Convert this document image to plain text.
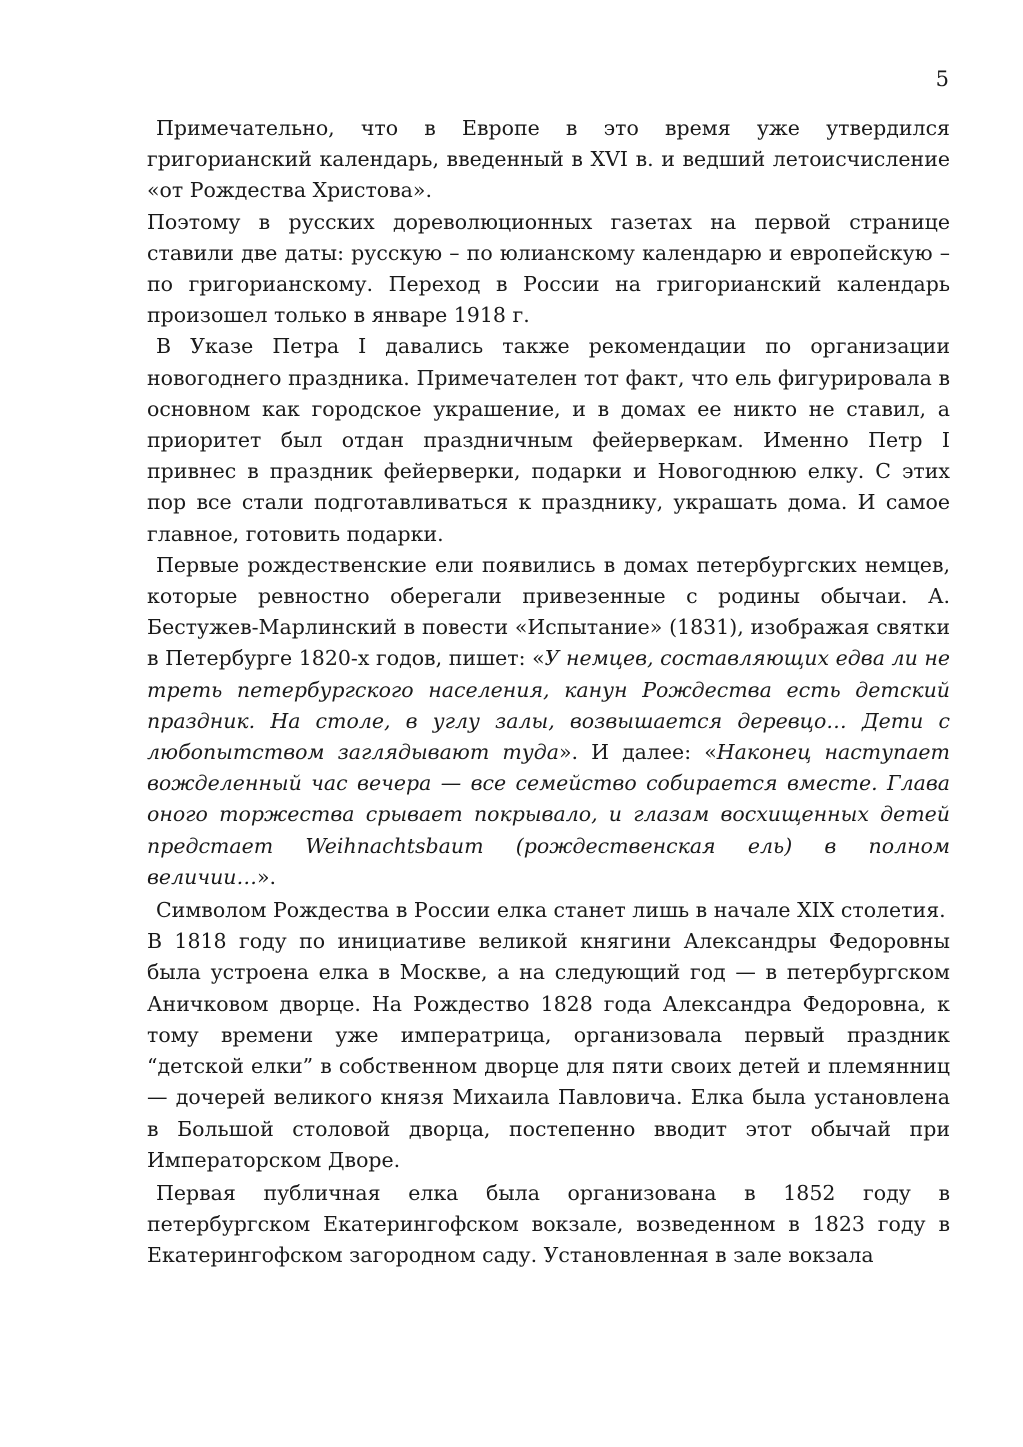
5

Примечательно, что в Европе в это время уже утвердился григорианский календарь, введенный в XVI в. и ведший летоисчисление «от Рождества Христова».

Поэтому в русских дореволюционных газетах на первой странице ставили две даты: русскую – по юлианскому календарю и европейскую – по григорианскому. Переход в России на григорианский календарь произошел только в январе 1918 г.

В Указе Петра I давались также рекомендации по организации новогоднего праздника. Примечателен тот факт, что ель фигурировала в основном как городское украшение, и в домах ее никто не ставил, а приоритет был отдан праздничным фейерверкам. Именно Петр I привнес в праздник фейерверки, подарки и Новогоднюю елку. С этих пор все стали подготавливаться к празднику, украшать дома. И самое главное, готовить подарки.

Первые рождественские ели появились в домах петербургских немцев, которые ревностно оберегали привезенные с родины обычаи. А. Бестужев-Марлинский в повести «Испытание» (1831), изображая святки в Петербурге 1820-х годов, пишет: «У немцев, составляющих едва ли не треть петербургского населения, канун Рождества есть детский праздник. На столе, в углу залы, возвышается деревцо… Дети с любопытством заглядывают туда». И далее: «Наконец наступает вожделенный час вечера — все семейство собирается вместе. Глава оного торжества срывает покрывало, и глазам восхищенных детей предстает Weihnachtsbaum (рождественская ель) в полном величии…».

Символом Рождества в России елка станет лишь в начале XIX столетия.

В 1818 году по инициативе великой княгини Александры Федоровны была устроена елка в Москве, а на следующий год — в петербургском Аничковом дворце. На Рождество 1828 года Александра Федоровна, к тому времени уже императрица, организовала первый праздник “детской елки” в собственном дворце для пяти своих детей и племянниц — дочерей великого князя Михаила Павловича. Елка была установлена в Большой столовой дворца, постепенно вводит этот обычай при Императорском Дворе.

Первая публичная елка была организована в 1852 году в петербургском Екатерингофском вокзале, возведенном в 1823 году в Екатерингофском загородном саду. Установленная в зале вокзала
